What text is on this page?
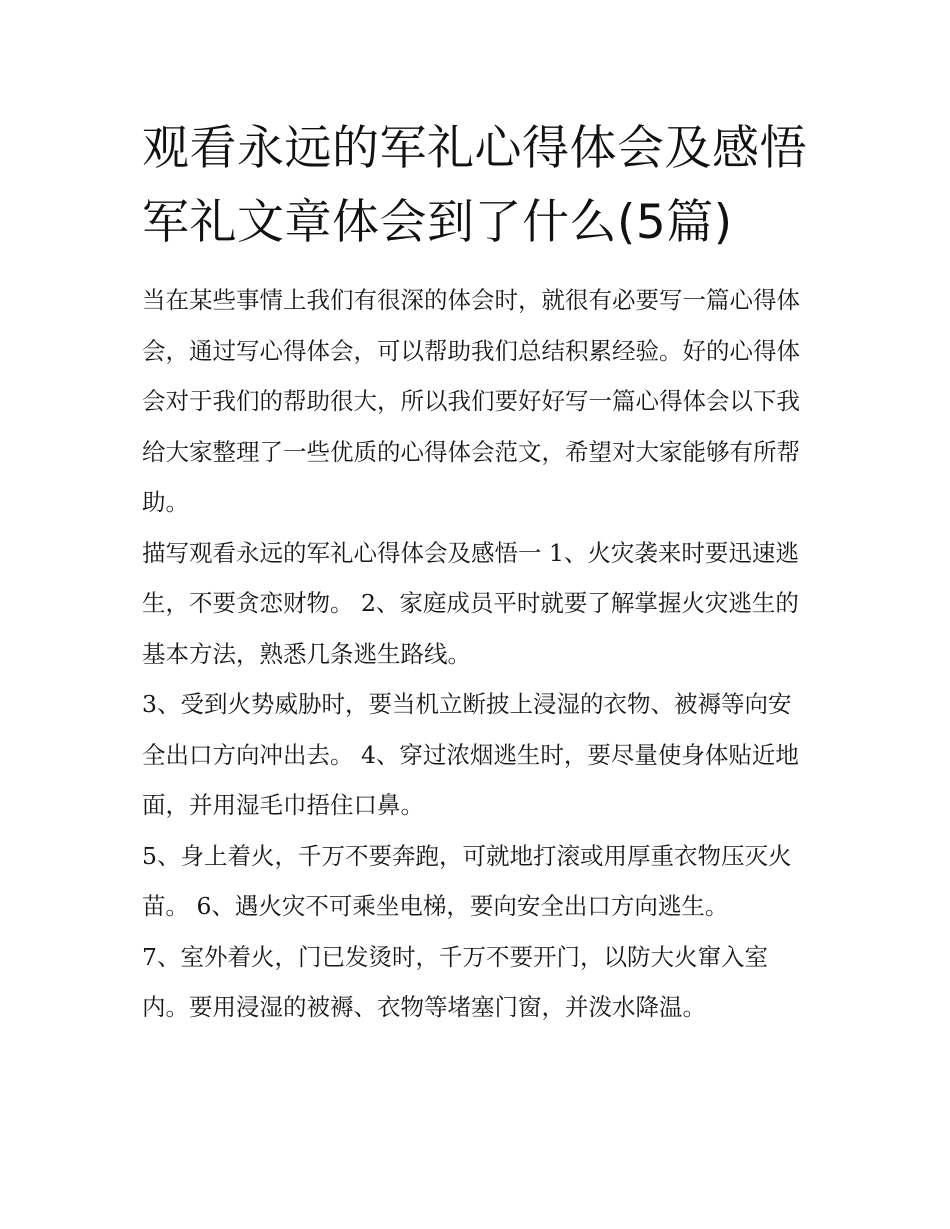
观看永远的军礼心得体会及感悟 军礼文章体会到了什么(5篇)

当在某些事情上我们有很深的体会时，就很有必要写一篇心得体会，通过写心得体会，可以帮助我们总结积累经验。好的心得体会对于我们的帮助很大，所以我们要好好写一篇心得体会以下我给大家整理了一些优质的心得体会范文，希望对大家能够有所帮助。

描写观看永远的军礼心得体会及感悟一 1、火灾袭来时要迅速逃生，不要贪恋财物。 2、家庭成员平时就要了解掌握火灾逃生的基本方法，熟悉几条逃生路线。

3、受到火势威胁时，要当机立断披上浸湿的衣物、被褥等向安全出口方向冲出去。 4、穿过浓烟逃生时，要尽量使身体贴近地面，并用湿毛巾捂住口鼻。

5、身上着火，千万不要奔跑，可就地打滚或用厚重衣物压灭火苗。 6、遇火灾不可乘坐电梯，要向安全出口方向逃生。

7、室外着火，门已发烫时，千万不要开门，以防大火窜入室内。要用浸湿的被褥、衣物等堵塞门窗，并泼水降温。
